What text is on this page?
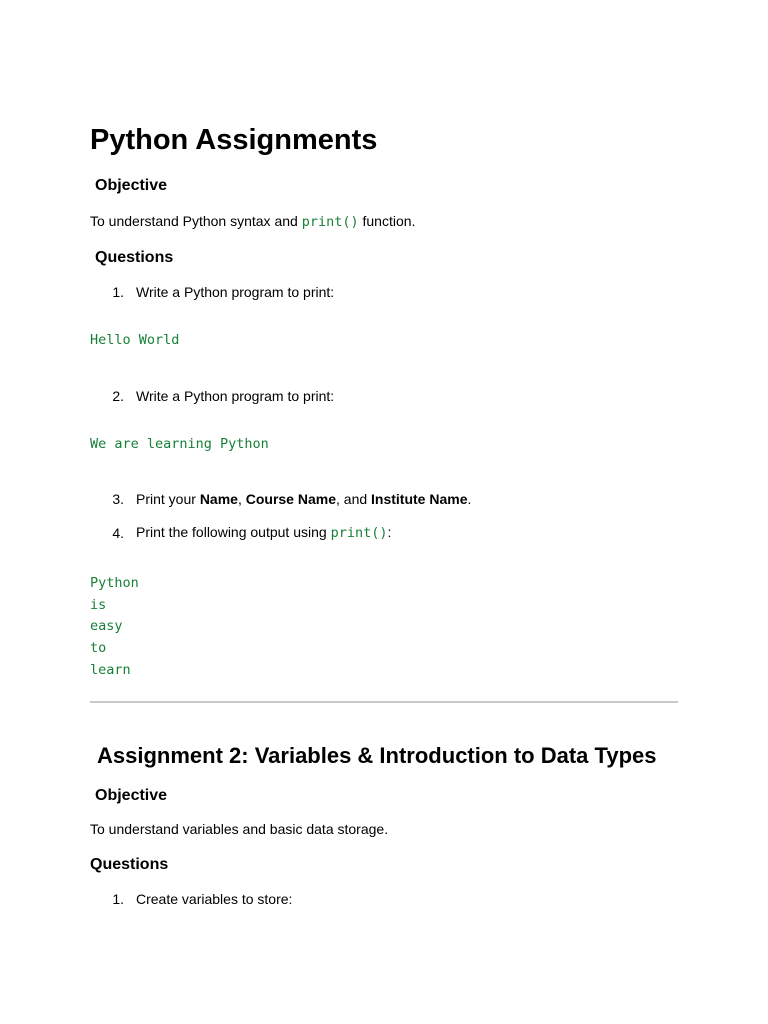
Python Assignments
Objective
To understand Python syntax and print() function.
Questions
1. Write a Python program to print:
Hello World
2. Write a Python program to print:
We are learning Python
3. Print your Name, Course Name, and Institute Name.
4. Print the following output using print():
Python
is
easy
to
learn
Assignment 2: Variables & Introduction to Data Types
Objective
To understand variables and basic data storage.
Questions
1. Create variables to store:
